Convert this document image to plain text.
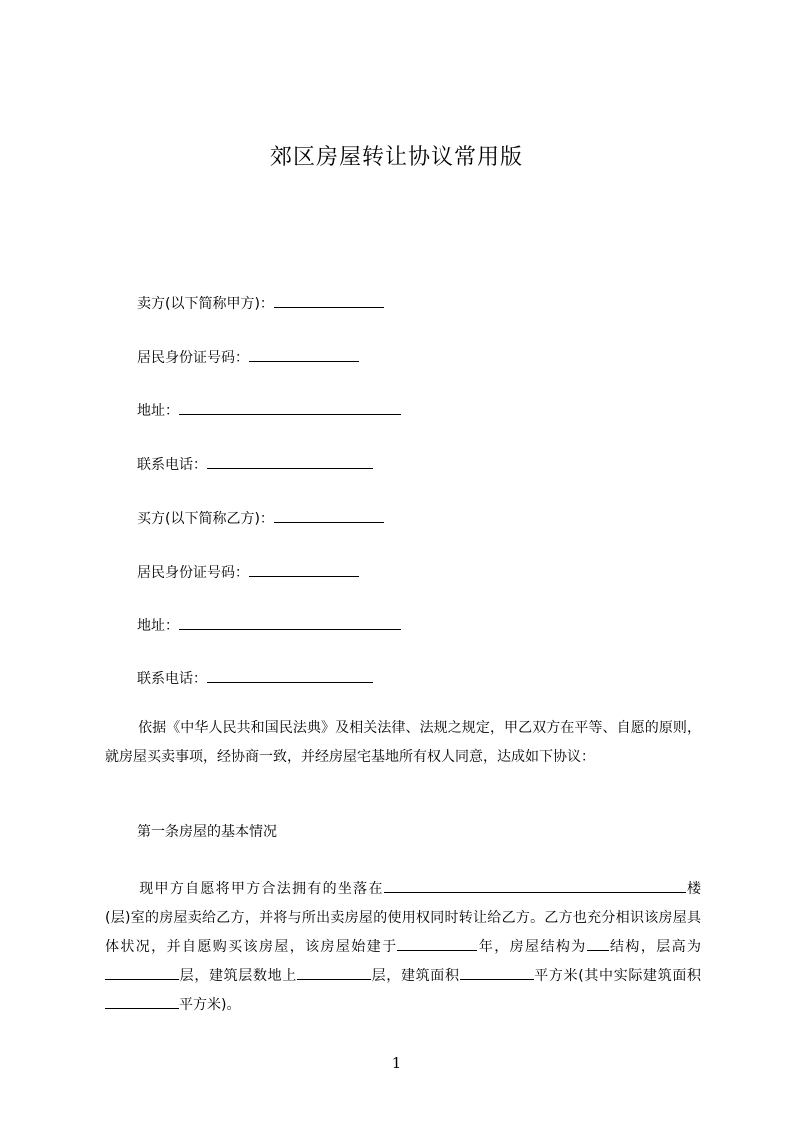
郊区房屋转让协议常用版
卖方(以下简称甲方)：
居民身份证号码：
地址：
联系电话：
买方(以下简称乙方)：
居民身份证号码：
地址：
联系电话：
依据《中华人民共和国民法典》及相关法律、法规之规定，甲乙双方在平等、自愿的原则，就房屋买卖事项，经协商一致，并经房屋宅基地所有权人同意，达成如下协议：
第一条房屋的基本情况
现甲方自愿将甲方合法拥有的坐落在	楼(层)室的房屋卖给乙方，并将与所出卖房屋的使用权同时转让给乙方。乙方也充分相识该房屋具体状况，并自愿购买该房屋，该房屋始建于	年，房屋结构为 结构，层高为层，建筑层数地上	层，建筑面积	平方米(其中实际建筑面积平方米)。
1
